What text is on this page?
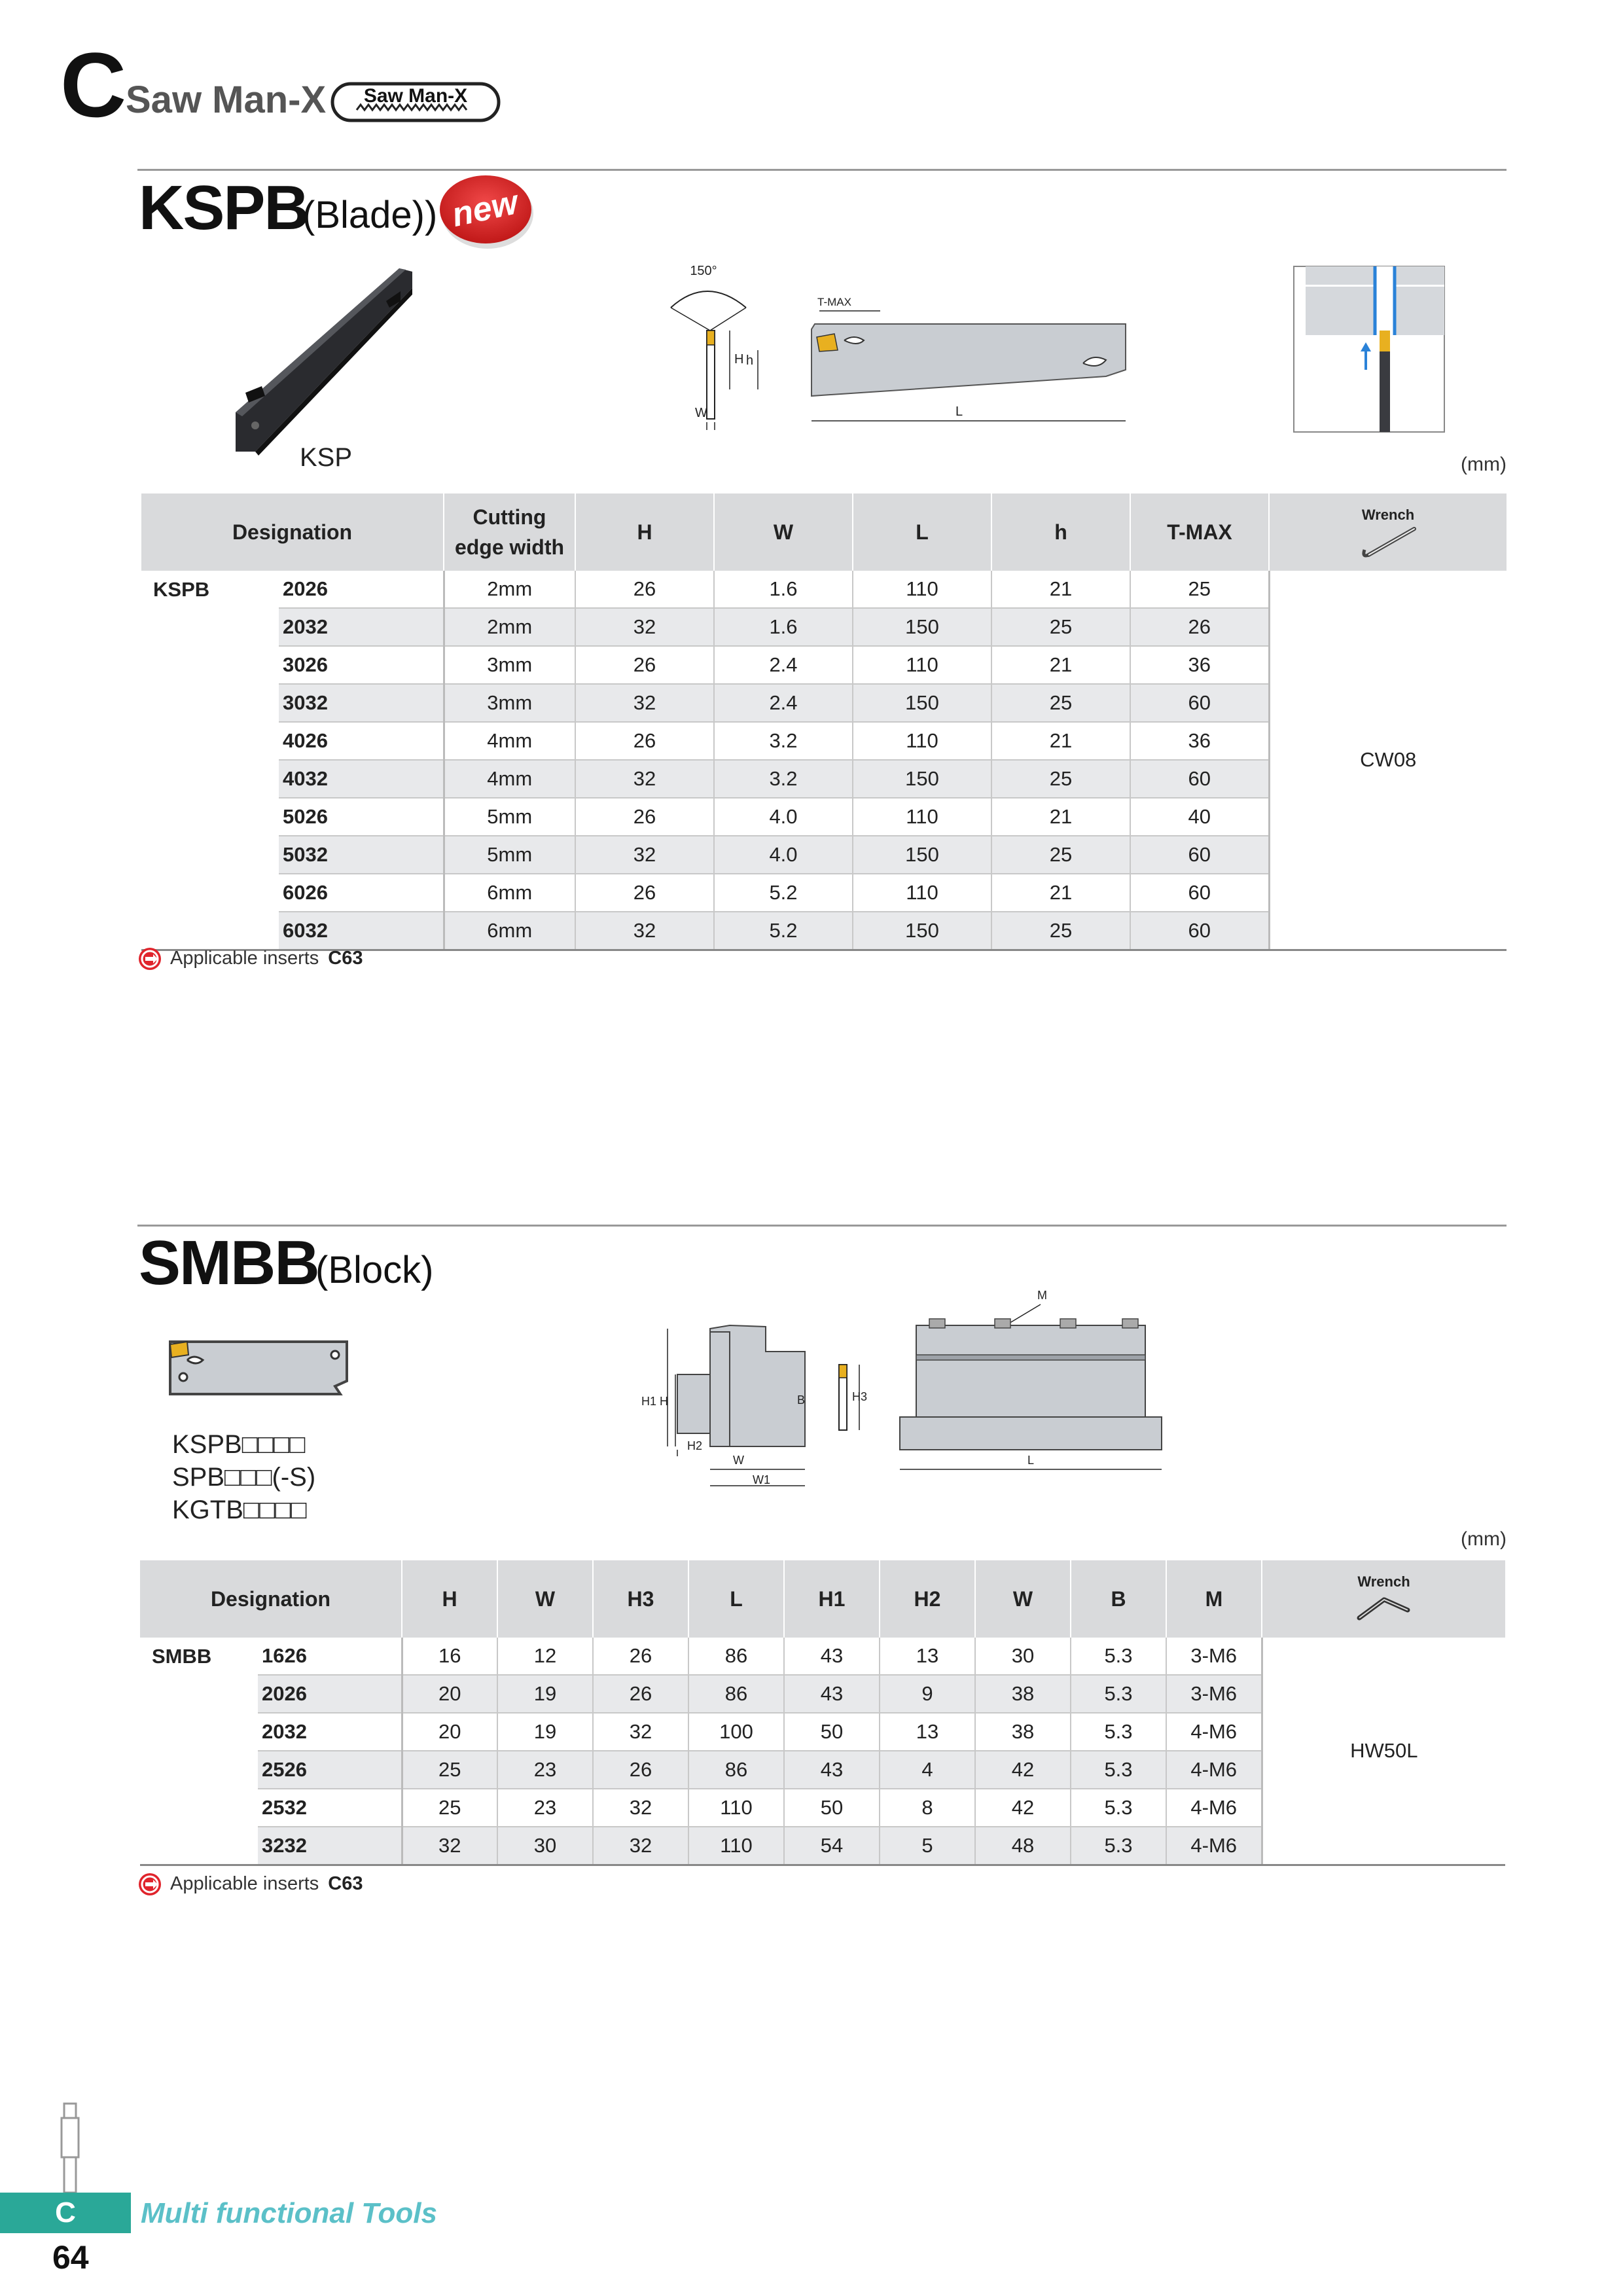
C
Saw Man-X Saw Man-X
KSPB
(Blade)) new
KSP
150°
W
H h
T-MAX
L
(mm)
Designation		Cutting
edge width	H	W	L	h	T-MAX	Wrench

KSPB	2026	2mm	26	1.6	110	21	25	CW08
	2032	2mm	32	1.6	150	25	26	
	3026	3mm	26	2.4	110	21	36	
	3032	3mm	32	2.4	150	25	60	
	4026	4mm	26	3.2	110	21	36	
	4032	4mm	32	3.2	150	25	60	
	5026	5mm	26	4.0	110	21	40	
	5032	5mm	32	4.0	150	25	60	
	6026	6mm	26	5.2	110	21	60	
	6032	6mm	32	5.2	150	25	60	
Applicable inserts C63
SMBB
(Block)
KSPB□□□□
SPB□□□(-S)
KGTB□□□□
H1 H	B
H2
W
W1
H3
M
L
(mm)
Designation		H	W	H3	L	H1	H2	W	B	M	Wrench

SMBB	1626	16	12	26	86	43	13	30	5.3	3-M6	HW50L
	2026	20	19	26	86	43	9	38	5.3	3-M6	
	2032	20	19	32	100	50	13	38	5.3	4-M6	
	2526	25	23	26	86	43	4	42	5.3	4-M6	
	2532	25	23	32	110	50	8	42	5.3	4-M6	
	3232	32	30	32	110	54	5	48	5.3	4-M6	
Applicable inserts C63
C	Multi functional Tools
64
